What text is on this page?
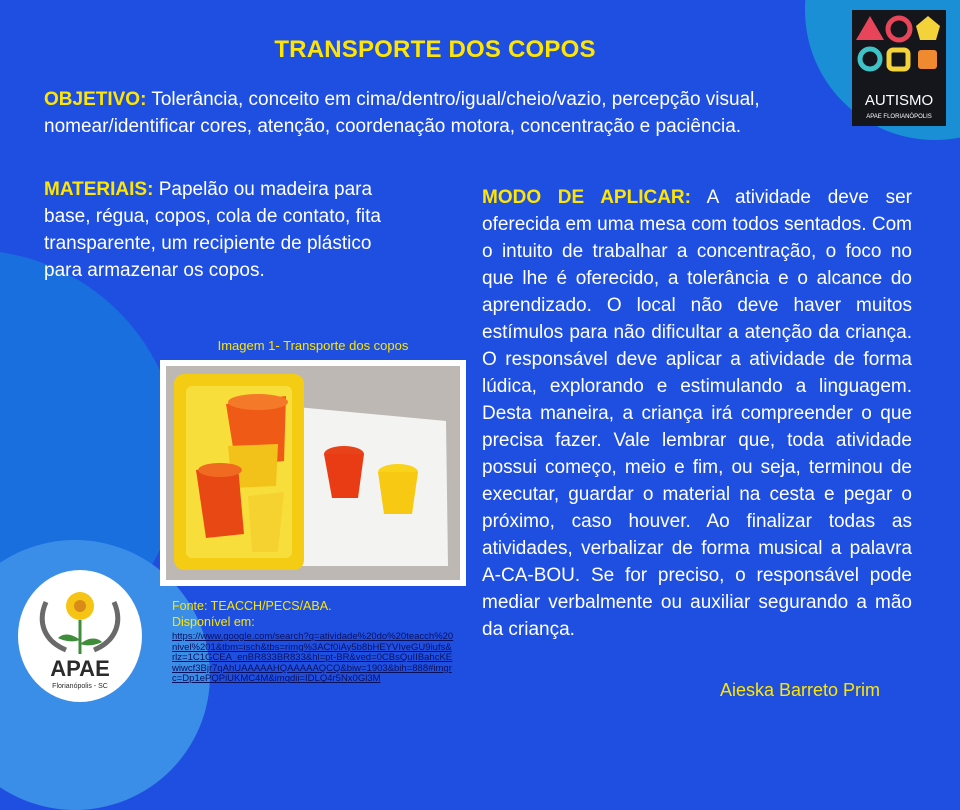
TRANSPORTE DOS COPOS
OBJETIVO: Tolerância, conceito em cima/dentro/igual/cheio/vazio, percepção visual, nomear/identificar cores, atenção, coordenação motora, concentração e paciência.
MATERIAIS: Papelão ou madeira para base, régua, copos, cola de contato, fita transparente, um recipiente de plástico para armazenar os copos.
MODO DE APLICAR: A atividade deve ser oferecida em uma mesa com todos sentados. Com o intuito de trabalhar a concentração, o foco no que lhe é oferecido, a tolerância e o alcance do aprendizado. O local não deve haver muitos estímulos para não dificultar a atenção da criança. O responsável deve aplicar a atividade de forma lúdica, explorando e estimulando a linguagem. Desta maneira, a criança irá compreender o que precisa fazer. Vale lembrar que, toda atividade possui começo, meio e fim, ou seja, terminou de executar, guardar o material na cesta e pegar o próximo, caso houver. Ao finalizar todas as atividades, verbalizar de forma musical a palavra A-CA-BOU. Se for preciso, o responsável pode mediar verbalmente ou auxiliar segurando a mão da criança.
Imagem 1- Transporte dos copos
Fonte: TEACCH/PECS/ABA.
Disponível em:
https://www.google.com/search?q=atividade%20do%20teacch%20nivel%201&tbm=isch&tbs=rimg%3ACf0iAy5b8bHEYVIveGU9iufs&rlz=1C1GCEA_enBR833BR833&hl=pt-BR&ved=0CBsQuIIBahcKEwiwcf3Bjr7qAhUAAAAAHQAAAAAQCQ&biw=1903&bih=888#imgrc=Dp1ePQPiUKMC4M&imgdii=IDLQ4r5Nx0Gl3M
Aieska Barreto Prim
AUTISMO
APAE FLORIANÓPOLIS
APAE
Florianópolis - SC
